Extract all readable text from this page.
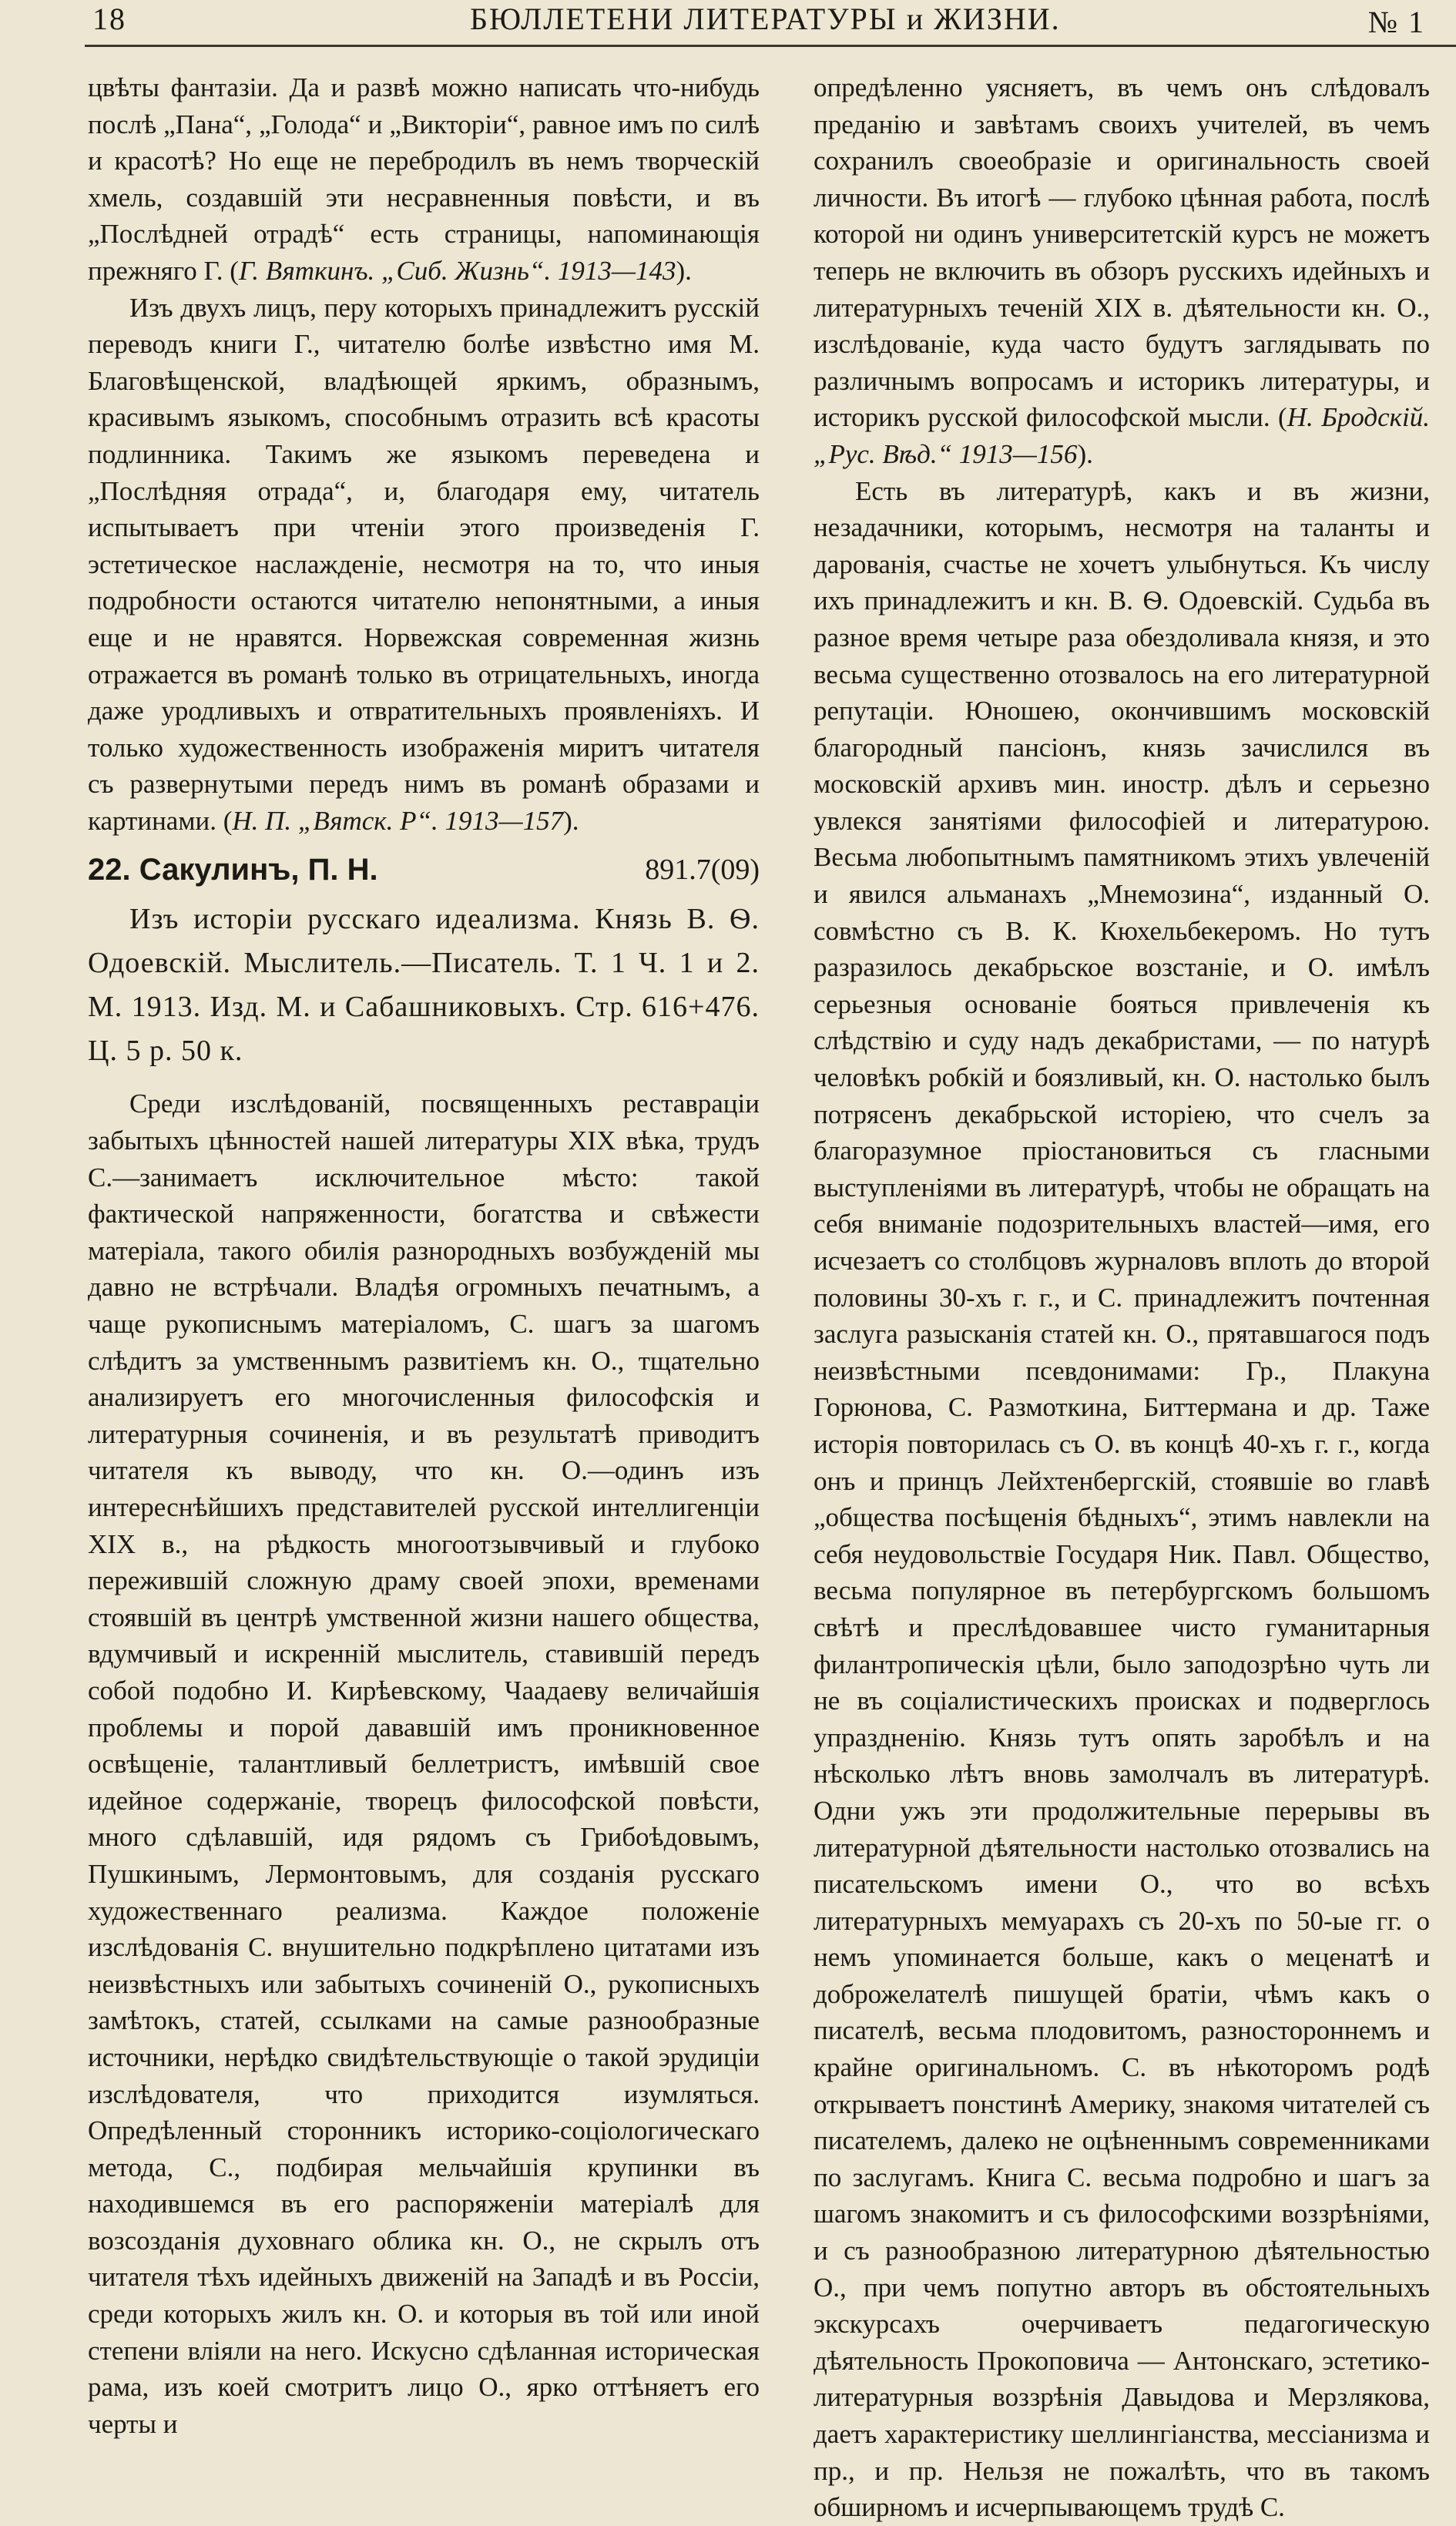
18	БЮЛЛЕТЕНИ ЛИТЕРАТУРЫ и ЖИЗНИ.	№ 1

цвѣты фантазіи. Да и развѣ можно написать что-нибудь послѣ „Пана“, „Голода“ и „Викторіи“, равное имъ по силѣ и красотѣ? Но еще не перебродилъ въ немъ творческій хмель, создавшій эти несравненныя повѣсти, и въ „Послѣдней отрадѣ“ есть страницы, напоминающія прежняго Г. (Г. Вяткинъ. „Сиб. Жизнь“. 1913—143).

Изъ двухъ лицъ, перу которыхъ принадлежитъ русскій переводъ книги Г., читателю болѣе извѣстно имя М. Благовѣщенской, владѣющей яркимъ, образнымъ, красивымъ языкомъ, способнымъ отразить всѣ красоты подлинника. Такимъ же языкомъ переведена и „Послѣдняя отрада“, и, благодаря ему, читатель испытываетъ при чтеніи этого произведенія Г. эстетическое наслажденіе, несмотря на то, что иныя подробности остаются читателю непонятными, а иныя еще и не нравятся. Норвежская современная жизнь отражается въ романѣ только въ отрицательныхъ, иногда даже уродливыхъ и отвратительныхъ проявленіяхъ. И только художественность изображенія миритъ читателя съ развернутыми передъ нимъ въ романѣ образами и картинами. (Н. П. „Вятск. Р“. 1913—157).

22. Сакулинъ, П. Н.	891.7(09)

Изъ исторіи русскаго идеализма. Князь В. Ѳ. Одоевскій. Мыслитель.—Писатель. Т. 1 Ч. 1 и 2. М. 1913. Изд. М. и Сабашниковыхъ. Стр. 616+476. Ц. 5 р. 50 к.

Среди изслѣдованій, посвященныхъ реставраціи забытыхъ цѣнностей нашей литературы XIX вѣка, трудъ С.—занимаетъ исключительное мѣсто: такой фактической напряженности, богатства и свѣжести матеріала, такого обилія разнородныхъ возбужденій мы давно не встрѣчали. Владѣя огромныхъ печатнымъ, а чаще рукописнымъ матеріаломъ, С. шагъ за шагомъ слѣдитъ за умственнымъ развитіемъ кн. О., тщательно анализируетъ его многочисленныя философскія и литературныя сочиненія, и въ результатѣ приводитъ читателя къ выводу, что кн. О.—одинъ изъ интереснѣйшихъ представителей русской интеллигенціи XIX в., на рѣдкость многоотзывчивый и глубоко пережившій сложную драму своей эпохи, временами стоявшій въ центрѣ умственной жизни нашего общества, вдумчивый и искренній мыслитель, ставившій передъ собой подобно И. Кирѣевскому, Чаадаеву величайшія проблемы и порой дававшій имъ проникновенное освѣщеніе, талантливый беллетристъ, имѣвшій свое идейное содержаніе, творецъ философской повѣсти, много сдѣлавшій, идя рядомъ съ Грибоѣдовымъ, Пушкинымъ, Лермонтовымъ, для созданія русскаго художественнаго реализма. Каждое положеніе изслѣдованія С. внушительно подкрѣплено цитатами изъ неизвѣстныхъ или забытыхъ сочиненій О., рукописныхъ замѣтокъ, статей, ссылками на самые разнообразные источники, нерѣдко свидѣтельствующіе о такой эрудиціи изслѣдователя, что приходится изумляться. Опредѣленный сторонникъ историко-соціологическаго метода, С., подбирая мельчайшія крупинки въ находившемся въ его распоряженіи матеріалѣ для возсозданія духовнаго облика кн. О., не скрылъ отъ читателя тѣхъ идейныхъ движеній на Западѣ и въ Россіи, среди которыхъ жилъ кн. О. и которыя въ той или иной степени вліяли на него. Искусно сдѣланная историческая рама, изъ коей смотритъ лицо О., ярко оттѣняетъ его черты и

опредѣленно уясняетъ, въ чемъ онъ слѣдовалъ преданію и завѣтамъ своихъ учителей, въ чемъ сохранилъ своеобразіе и оригинальность своей личности. Въ итогѣ — глубоко цѣнная работа, послѣ которой ни одинъ университетскій курсъ не можетъ теперь не включить въ обзоръ русскихъ идейныхъ и литературныхъ теченій XIX в. дѣятельности кн. О., изслѣдованіе, куда часто будутъ заглядывать по различнымъ вопросамъ и историкъ литературы, и историкъ русской философской мысли. (Н. Бродскій. „Рус. Вѣд.“ 1913—156).

Есть въ литературѣ, какъ и въ жизни, незадачники, которымъ, несмотря на таланты и дарованія, счастье не хочетъ улыбнуться. Къ числу ихъ принадлежитъ и кн. В. Ѳ. Одоевскій. Судьба въ разное время четыре раза обездоливала князя, и это весьма существенно отозвалось на его литературной репутаціи. Юношею, окончившимъ московскій благородный пансіонъ, князь зачислился въ московскій архивъ мин. иностр. дѣлъ и серьезно увлекся занятіями философіей и литературою. Весьма любопытнымъ памятникомъ этихъ увлеченій и явился альманахъ „Мнемозина“, изданный О. совмѣстно съ В. К. Кюхельбекеромъ. Но тутъ разразилось декабрьское возстаніе, и О. имѣлъ серьезныя основаніе бояться привлеченія къ слѣдствію и суду надъ декабристами, — по натурѣ человѣкъ робкій и боязливый, кн. О. настолько былъ потрясенъ декабрьской исторіею, что счелъ за благоразумное пріостановиться съ гласными выступленіями въ литературѣ, чтобы не обращать на себя вниманіе подозрительныхъ властей—имя, его исчезаетъ со столбцовъ журналовъ вплоть до второй половины 30-хъ г. г., и С. принадлежитъ почтенная заслуга разысканія статей кн. О., прятавшагося подъ неизвѣстными псевдонимами: Гр., Плакуна Горюнова, С. Размоткина, Биттермана и др. Таже исторія повторилась съ О. въ концѣ 40-хъ г. г., когда онъ и принцъ Лейхтенбергскій, стоявшіе во главѣ „общества посѣщенія бѣдныхъ“, этимъ навлекли на себя неудовольствіе Государя Ник. Павл. Общество, весьма популярное въ петербургскомъ большомъ свѣтѣ и преслѣдовавшее чисто гуманитарныя филантропическія цѣли, было заподозрѣно чуть ли не въ соціалистическихъ происках и подверглось упраздненію. Князь тутъ опять заробѣлъ и на нѣсколько лѣтъ вновь замолчалъ въ литературѣ. Одни ужъ эти продолжительные перерывы въ литературной дѣятельности настолько отозвались на писательскомъ имени О., что во всѣхъ литературныхъ мемуарахъ съ 20-хъ по 50-ые гг. о немъ упоминается больше, какъ о меценатѣ и доброжелателѣ пишущей братіи, чѣмъ какъ о писателѣ, весьма плодовитомъ, разностороннемъ и крайне оригинальномъ. С. въ нѣкоторомъ родѣ открываетъ понстинѣ Америку, знакомя читателей съ писателемъ, далеко не оцѣненнымъ современниками по заслугамъ. Книга С. весьма подробно и шагъ за шагомъ знакомитъ и съ философскими воззрѣніями, и съ разнообразною литературною дѣятельностью О., при чемъ попутно авторъ въ обстоятельныхъ экскурсахъ очерчиваетъ педагогическую дѣятельность Прокоповича — Антонскаго, эстетико-литературныя воззрѣнія Давыдова и Мерзлякова, даетъ характеристику шеллингіанства, мессіанизма и пр., и пр. Нельзя не пожалѣть, что въ такомъ обширномъ и исчерпывающемъ трудѣ С.
